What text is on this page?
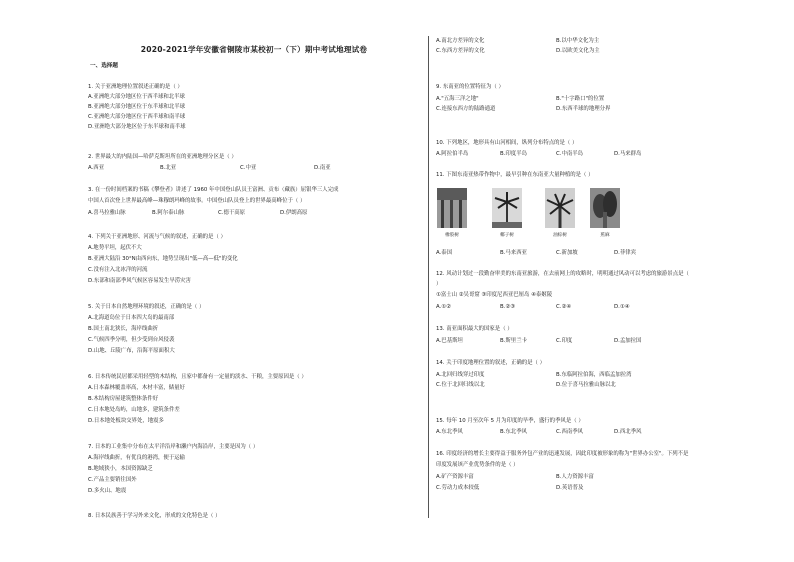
2020-2021学年安徽省铜陵市某校初一（下）期中考试地理试卷
一、选择题
1. 关于亚洲地理位置叙述正确的是（ ）
A.亚洲绝大部分地区位于西半球和北半球
B.亚洲绝大部分地区位于东半球和北半球
C.亚洲绝大部分地区位于西半球和南半球
D.亚洲绝大部分地区位于东半球和南半球
2. 世界最大的内陆国—哈萨克斯坦所在的亚洲地理分区是（ ）
A.西亚	B.北亚	C.中亚	D.南亚
3. 在一份时间档案的书稿《攀登者》讲述了 1960 年中国登山队员王富洲、贡布（藏族）屈银华三人完成
中国人首次登上世界最高峰—珠穆朗玛峰的故事。中国登山队员登上的世界最高峰位于（ ）
A.喜马拉雅山脉	B.阿尔泰山脉	C.德干高原	D.伊朗高原
4. 下列关于亚洲地形、河流与气候的叙述，正确的是（ ）
A.地势平坦，起伏不大
B.亚洲大陆沿 30°N由西向东，地势呈现出"低—高—低"的变化
C.没有注入北冰洋的河流
D.东部和南部季风气候区容易发生旱涝灾害
5. 关于日本自然地理环境的叙述，正确的是（ ）
A.北海道岛位于日本四大岛的最南部
B.国土南北狭长，海岸线曲折
C.气候四季分明，但少受到台风侵袭
D.山地、丘陵广布，沿海平原面积大
6. 日本传统民居都采用轻型的木结构，且家中都备有一定量的淡水、干粮，主要原因是（ ）
A.日本森林覆盖率高，木材丰富，储量好
B.木结构房屋建筑整体条件好
C.日本地处岛屿，山地多，建筑条件差
D.日本地处板块交界处，地震多
7. 日本的工业集中分布在太平洋沿岸和濑户内海沿岸，主要是因为（ ）
A.海岸线曲折，有优良的港湾，便于运输
B.地域狭小，本国资源缺乏
C.产品主要销往国外
D.多火山、地震
8. 日本民族善于学习外来文化，形成的文化特色是（ ）
A.南北方差异的文化	B.以中华文化为主
C.东西方差异的文化	D.以欧美文化为主
9. 东南亚的位置特征为（ ）
A."五海三洋之地"	B."十字路口"的位置
C.连接东西方的陆路通道	D.东西半球的地理分界
10. 下列地区，地形具有山河相间，纵列分布特点的是（ ）
A.阿拉伯半岛	B.印度半岛	C.中南半岛	D.马来群岛
11. 下图东南亚热带作物中，最早引种在东南亚大量种植的是（ ）
A.泰国	B.马来西亚	C.新加坡	D.菲律宾
12. 风动计划过一段勤奋审美的东南亚旅游，在去前网上的攻略时，明明通过风动可以考虑的旅游景点是（
）
①富士山 ②吴哥窟 ③印度尼西亚巴厘岛 ④泰姬陵
A.①②	B.②③	C.②④	D.①④
13. 南亚面积最大的国家是（ ）
A.巴基斯坦	B.斯里兰卡	C.印度	D.孟加拉国
14. 关于印度地理位置的叙述，正确的是（ ）
A.北回归线穿过印度	B.东临阿拉伯海，西临孟加拉湾
C.位于北回归线以北	D.位于喜马拉雅山脉以北
15. 每年 10 月至次年 5 月为印度的旱季，盛行的季风是（ ）
A.东北季风	B.东北季风	C.西南季风	D.西北季风
16. 印度经济的增长主要得益于服务外包产业的迅速发展，因此印度被形象的称为"世界办公室"。下列不是
印度发展该产业优势条件的是（ ）
A.矿产资源丰富	B.人力资源丰富
C.劳动力成本较低	D.英语普及
橡胶树	椰子树	油棕树	蕉麻
